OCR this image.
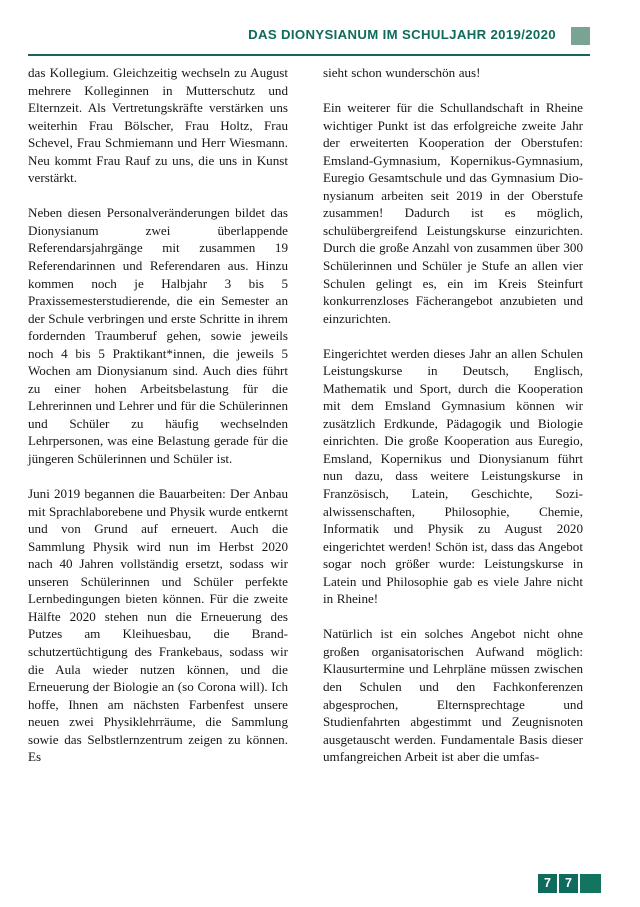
DAS DIONYSIANUM IM SCHULJAHR 2019/2020

das Kollegium. Gleichzeitig wechseln zu August mehrere Kolleginnen in Mutterschutz und Elternzeit. Als Vertretungskräfte verstärken uns weiterhin Frau Bölscher, Frau Holtz, Frau Schevel, Frau Schmiemann und Herr Wiesmann. Neu kommt Frau Rauf zu uns, die uns in Kunst verstärkt.

Neben diesen Personalveränderungen bildet das Dionysianum zwei überlappende Referendarsjahrgänge mit zusammen 19 Referendarinnen und Referendaren aus. Hinzu kommen noch je Halbjahr 3 bis 5 Praxissemesterstudierende, die ein Semester an der Schule verbringen und erste Schritte in ihrem fordernden Traumberuf gehen, sowie jeweils noch 4 bis 5 Praktikant*innen, die jeweils 5 Wochen am Dionysianum sind. Auch dies führt zu einer hohen Arbeitsbelastung für die Lehrerinnen und Lehrer und für die Schülerinnen und Schüler zu häufig wechselnden Lehrpersonen, was eine Belastung gerade für die jüngeren Schülerinnen und Schüler ist.

Juni 2019 begannen die Bauarbeiten: Der Anbau mit Sprachlaborebene und Physik wurde entkernt und von Grund auf erneuert. Auch die Sammlung Physik wird nun im Herbst 2020 nach 40 Jahren vollständig ersetzt, sodass wir unseren Schülerinnen und Schüler perfekte Lernbedingungen bieten können. Für die zweite Hälfte 2020 stehen nun die Erneuerung des Putzes am Kleihuesbau, die Brandschutzertüchtigung des Frankebaus, sodass wir die Aula wieder nutzen können, und die Erneuerung der Biologie an (so Corona will). Ich hoffe, Ihnen am nächsten Farbenfest unsere neuen zwei Physiklehrräume, die Sammlung sowie das Selbstlernzentrum zeigen zu können. Es

sieht schon wunderschön aus!

Ein weiterer für die Schullandschaft in Rheine wichtiger Punkt ist das erfolgreiche zweite Jahr der erweiterten Kooperation der Oberstufen: Emsland-Gymnasium, Kopernikus-Gymnasium, Euregio Gesamtschule und das Gymnasium Dionysianum arbeiten seit 2019 in der Oberstufe zusammen! Dadurch ist es möglich, schulübergreifend Leistungskurse einzurichten. Durch die große Anzahl von zusammen über 300 Schülerinnen und Schüler je Stufe an allen vier Schulen gelingt es, ein im Kreis Steinfurt konkurrenzloses Fächerangebot anzubieten und einzurichten.

Eingerichtet werden dieses Jahr an allen Schulen Leistungskurse in Deutsch, Englisch, Mathematik und Sport, durch die Kooperation mit dem Emsland Gymnasium können wir zusätzlich Erdkunde, Pädagogik und Biologie einrichten. Die große Kooperation aus Euregio, Emsland, Kopernikus und Dionysianum führt nun dazu, dass weitere Leistungskurse in Französisch, Latein, Geschichte, Sozialwissenschaften, Philosophie, Chemie, Informatik und Physik zu August 2020 eingerichtet werden! Schön ist, dass das Angebot sogar noch größer wurde: Leistungskurse in Latein und Philosophie gab es viele Jahre nicht in Rheine!

Natürlich ist ein solches Angebot nicht ohne großen organisatorischen Aufwand möglich: Klausurtermine und Lehrpläne müssen zwischen den Schulen und den Fachkonferenzen abgesprochen, Elternsprechtage und Studienfahrten abgestimmt und Zeugnisnoten ausgetauscht werden. Fundamentale Basis dieser umfangreichen Arbeit ist aber die umfas-

7	7
